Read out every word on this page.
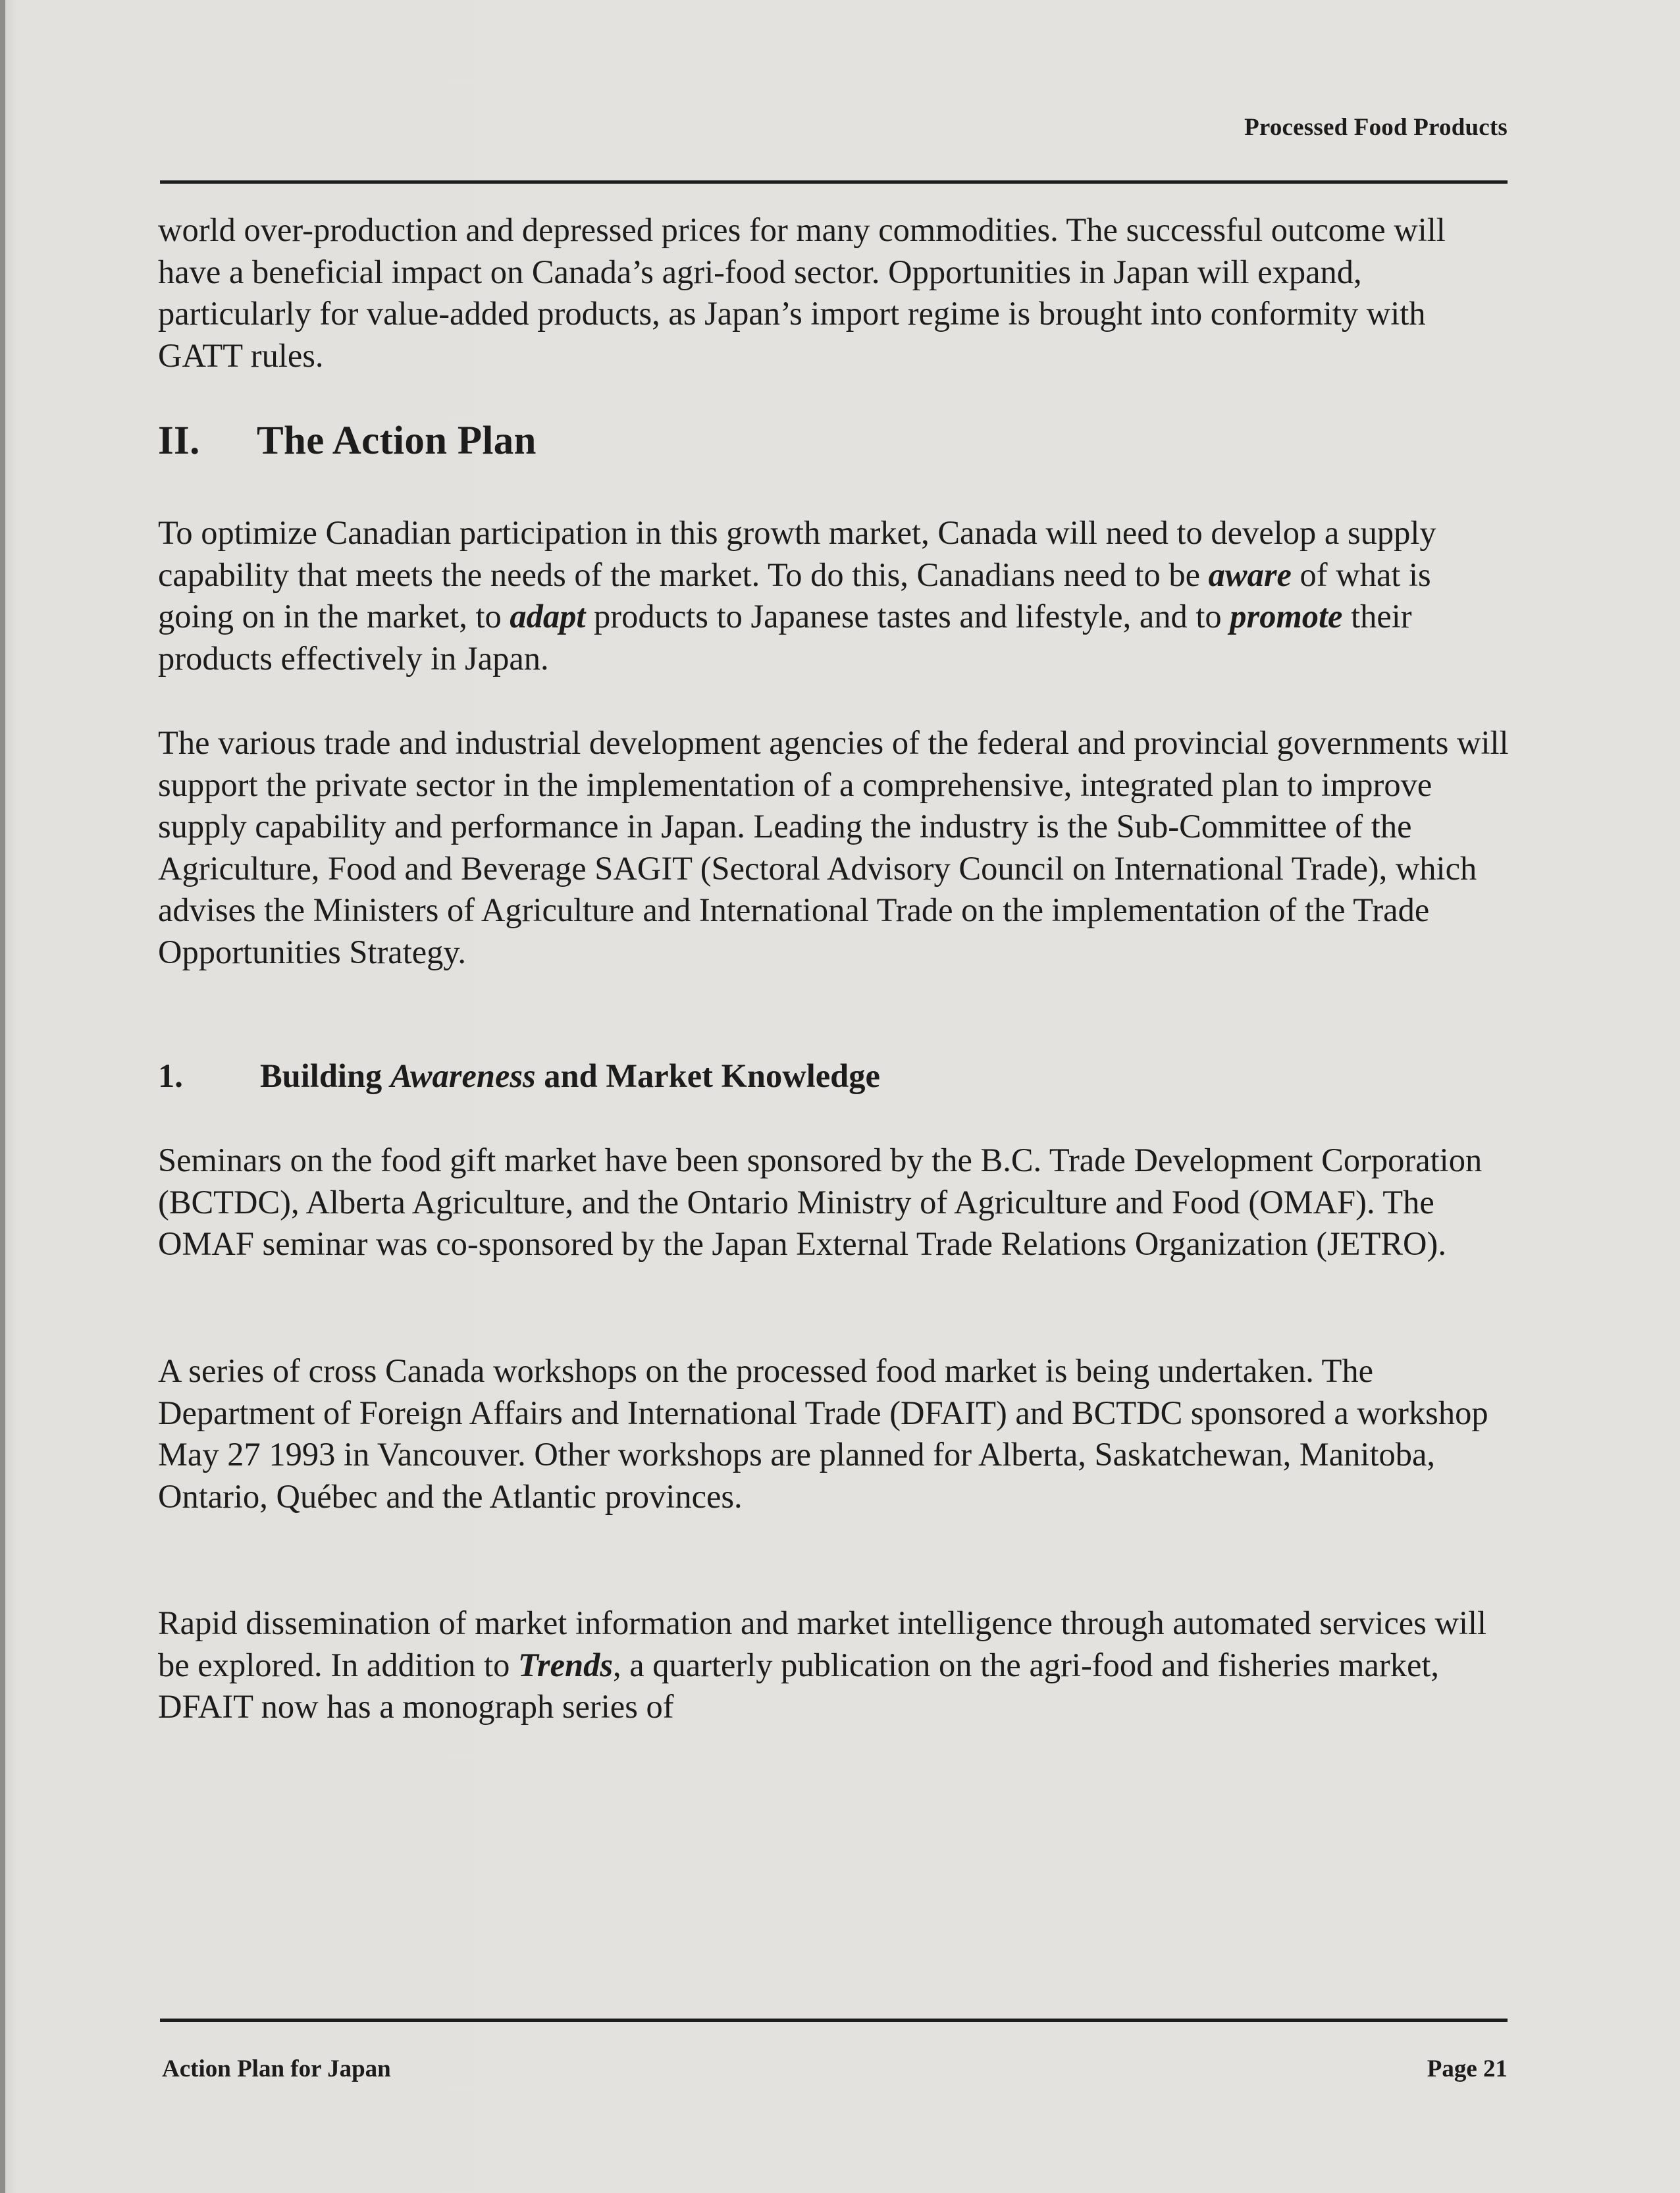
Processed Food Products

world over-production and depressed prices for many commodities. The successful outcome will have a beneficial impact on Canada’s agri-food sector. Opportunities in Japan will expand, particularly for value-added products, as Japan’s import regime is brought into conformity with GATT rules.

II. The Action Plan

To optimize Canadian participation in this growth market, Canada will need to develop a supply capability that meets the needs of the market. To do this, Canadians need to be aware of what is going on in the market, to adapt products to Japanese tastes and lifestyle, and to promote their products effectively in Japan.

The various trade and industrial development agencies of the federal and provincial governments will support the private sector in the implementation of a comprehensive, integrated plan to improve supply capability and performance in Japan. Leading the industry is the Sub-Committee of the Agriculture, Food and Beverage SAGIT (Sectoral Advisory Council on International Trade), which advises the Ministers of Agriculture and International Trade on the implementation of the Trade Opportunities Strategy.

1. Building Awareness and Market Knowledge

Seminars on the food gift market have been sponsored by the B.C. Trade Development Corporation (BCTDC), Alberta Agriculture, and the Ontario Ministry of Agriculture and Food (OMAF). The OMAF seminar was co-sponsored by the Japan External Trade Relations Organization (JETRO).

A series of cross Canada workshops on the processed food market is being undertaken. The Department of Foreign Affairs and International Trade (DFAIT) and BCTDC sponsored a workshop May 27 1993 in Vancouver. Other workshops are planned for Alberta, Saskatchewan, Manitoba, Ontario, Québec and the Atlantic provinces.

Rapid dissemination of market information and market intelligence through automated services will be explored. In addition to Trends, a quarterly publication on the agri-food and fisheries market, DFAIT now has a monograph series of

Action Plan for Japan	Page 21
